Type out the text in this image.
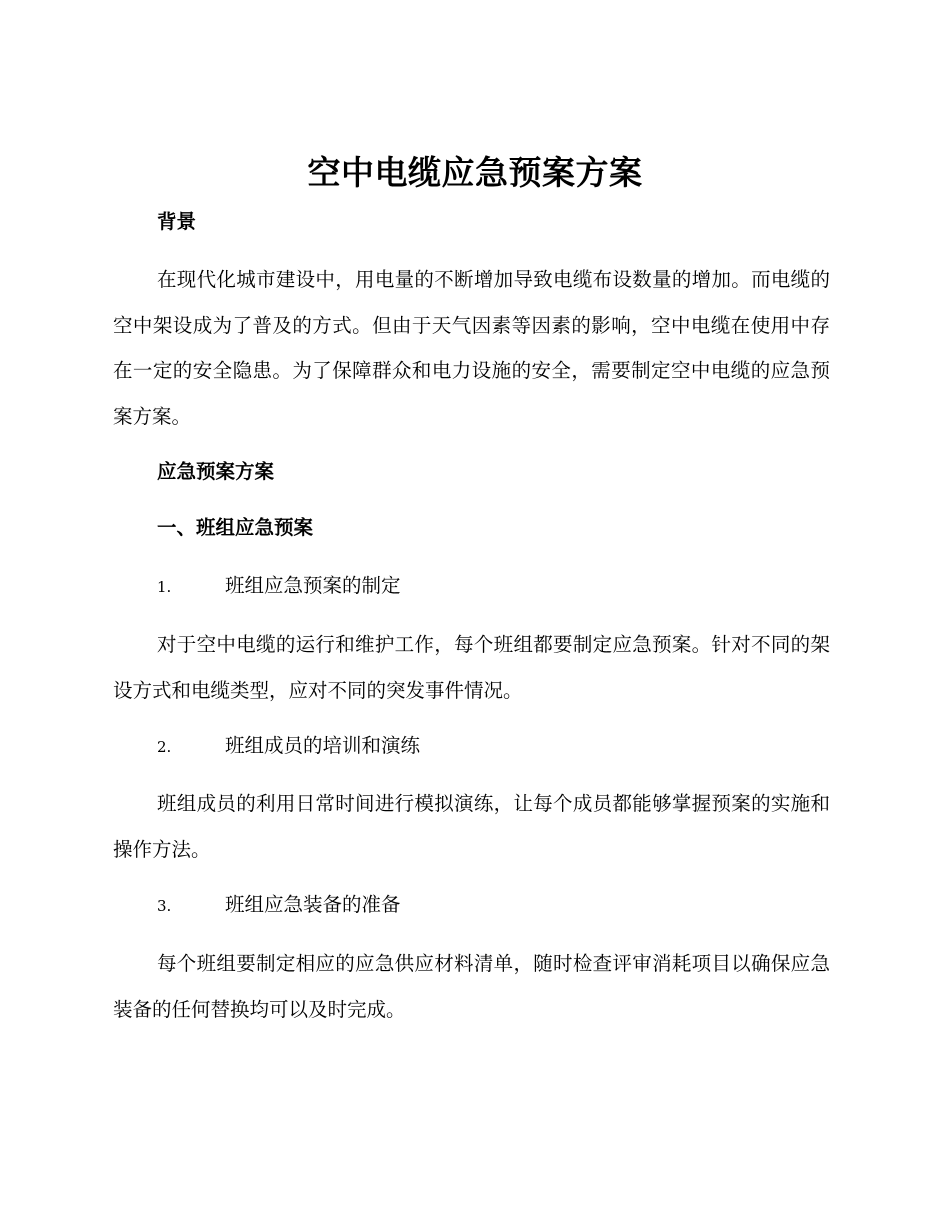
空中电缆应急预案方案
背景

在现代化城市建设中，用电量的不断增加导致电缆布设数量的增加。而电缆的空中架设成为了普及的方式。但由于天气因素等因素的影响，空中电缆在使用中存在一定的安全隐患。为了保障群众和电力设施的安全，需要制定空中电缆的应急预案方案。

应急预案方案
一、班组应急预案
1.	班组应急预案的制定

对于空中电缆的运行和维护工作，每个班组都要制定应急预案。针对不同的架设方式和电缆类型，应对不同的突发事件情况。

2.	班组成员的培训和演练

班组成员的利用日常时间进行模拟演练，让每个成员都能够掌握预案的实施和操作方法。

3.	班组应急装备的准备

每个班组要制定相应的应急供应材料清单，随时检查评审消耗项目以确保应急装备的任何替换均可以及时完成。
